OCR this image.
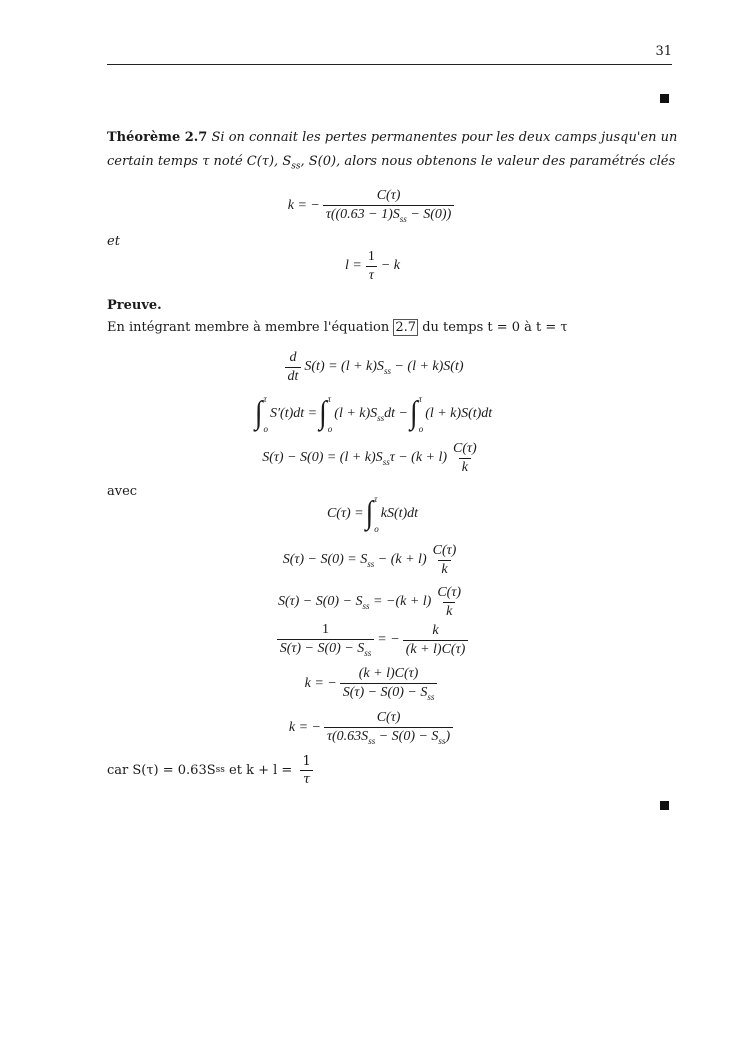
31
Théorème 2.7 Si on connait les pertes permanentes pour les deux camps jusqu'en un
certain temps τ noté C(τ), $S_{ss}$, S(0), alors nous obtenons le valeur des paramétrés clés
k = − $\frac{C(\tau)}{\tau((0.63 - 1)S_{ss} - S(0))}$
et
$l = \frac{1}{\tau} - k$
Preuve.
En intégrant membre à membre l'équation 2.7 du temps t = 0 à t = τ
$\frac{d}{dt} S(t) = (l + k)S_{ss} - (l + k)S(t)$
∫ τ
o
S′(t)dt = ∫ τ
o
$(l + k)S_{ss}dt$ − ∫ τ
o
(l + k)S(t)dt
$S(\tau) - S(0) = (l + k)S_{ss}\tau - (k + l) \frac{C(\tau)}{k}$
avec
C(τ) = ∫ τ
o
kS(t)dt
$S(\tau) - S(0) = S_{ss} - (k + l) \frac{C(\tau)}{k}$
$S(\tau) - S(0) - S_{ss} = -(k + l) \frac{C(\tau)}{k}$
$\frac{1}{S(\tau) - S(0) - S_{ss}}$ = − $\frac{k}{(k + l)C(\tau)}$
k = − $\frac{(k + l)C(\tau)}{S(\tau) - S(0) - S_{ss}}$
k = − $\frac{C(\tau)}{\tau(0.63S_{ss} - S(0) - S_{ss})}$
car S(τ) = 0.63S ss et $k + l = \frac{1}{\tau}$
